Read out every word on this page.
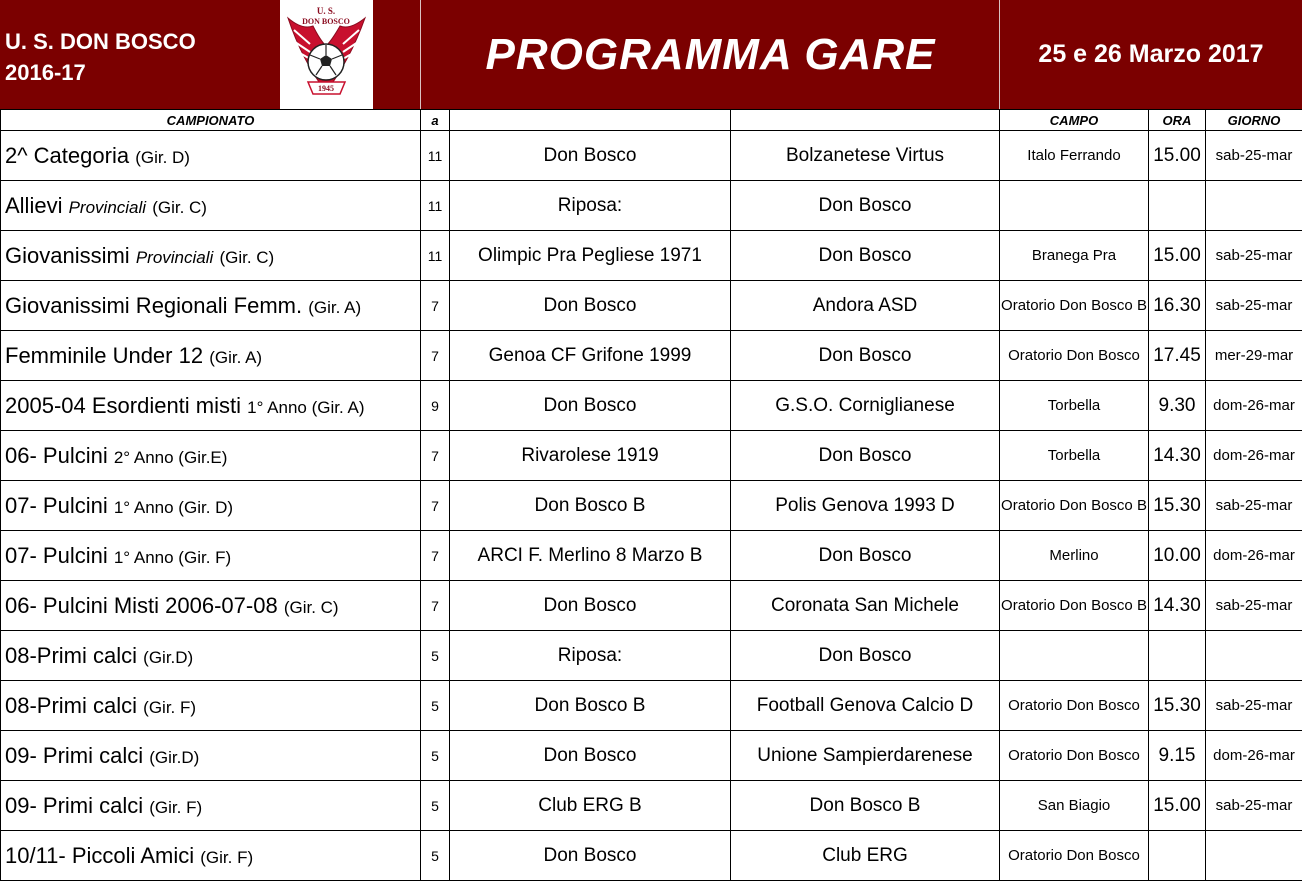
U. S. DON BOSCO
2016-17
1945
U. S.
DON BOSCO
PROGRAMMA GARE	25 e 26 Marzo 2017
CAMPIONATO	a			CAMPO	ORA	GIORNO
2^ Categoria (Gir. D)	11	Don Bosco	Bolzanetese Virtus	Italo Ferrando	15.00	sab-25-mar
Allievi Provinciali (Gir. C)	11	Riposa:	Don Bosco			
Giovanissimi Provinciali (Gir. C)	11	Olimpic Pra Pegliese 1971	Don Bosco	Branega Pra	15.00	sab-25-mar
Giovanissimi Regionali Femm. (Gir. A)	7	Don Bosco	Andora ASD	Oratorio Don Bosco B	16.30	sab-25-mar
Femminile Under 12 (Gir. A)	7	Genoa CF Grifone 1999	Don Bosco	Oratorio Don Bosco	17.45	mer-29-mar
2005-04 Esordienti misti 1° Anno (Gir. A)	9	Don Bosco	G.S.O. Corniglianese	Torbella	9.30	dom-26-mar
06- Pulcini 2° Anno (Gir.E)	7	Rivarolese 1919	Don Bosco	Torbella	14.30	dom-26-mar
07- Pulcini 1° Anno (Gir. D)	7	Don Bosco B	Polis Genova 1993 D	Oratorio Don Bosco B	15.30	sab-25-mar
07- Pulcini 1° Anno (Gir. F)	7	ARCI F. Merlino 8 Marzo B	Don Bosco	Merlino	10.00	dom-26-mar
06- Pulcini Misti 2006-07-08 (Gir. C)	7	Don Bosco	Coronata San Michele	Oratorio Don Bosco B	14.30	sab-25-mar
08-Primi calci (Gir.D)	5	Riposa:	Don Bosco			
08-Primi calci (Gir. F)	5	Don Bosco B	Football Genova Calcio D	Oratorio Don Bosco	15.30	sab-25-mar
09- Primi calci (Gir.D)	5	Don Bosco	Unione Sampierdarenese	Oratorio Don Bosco	9.15	dom-26-mar
09- Primi calci (Gir. F)	5	Club ERG B	Don Bosco B	San Biagio	15.00	sab-25-mar
10/11- Piccoli Amici (Gir. F)	5	Don Bosco	Club ERG	Oratorio Don Bosco		
